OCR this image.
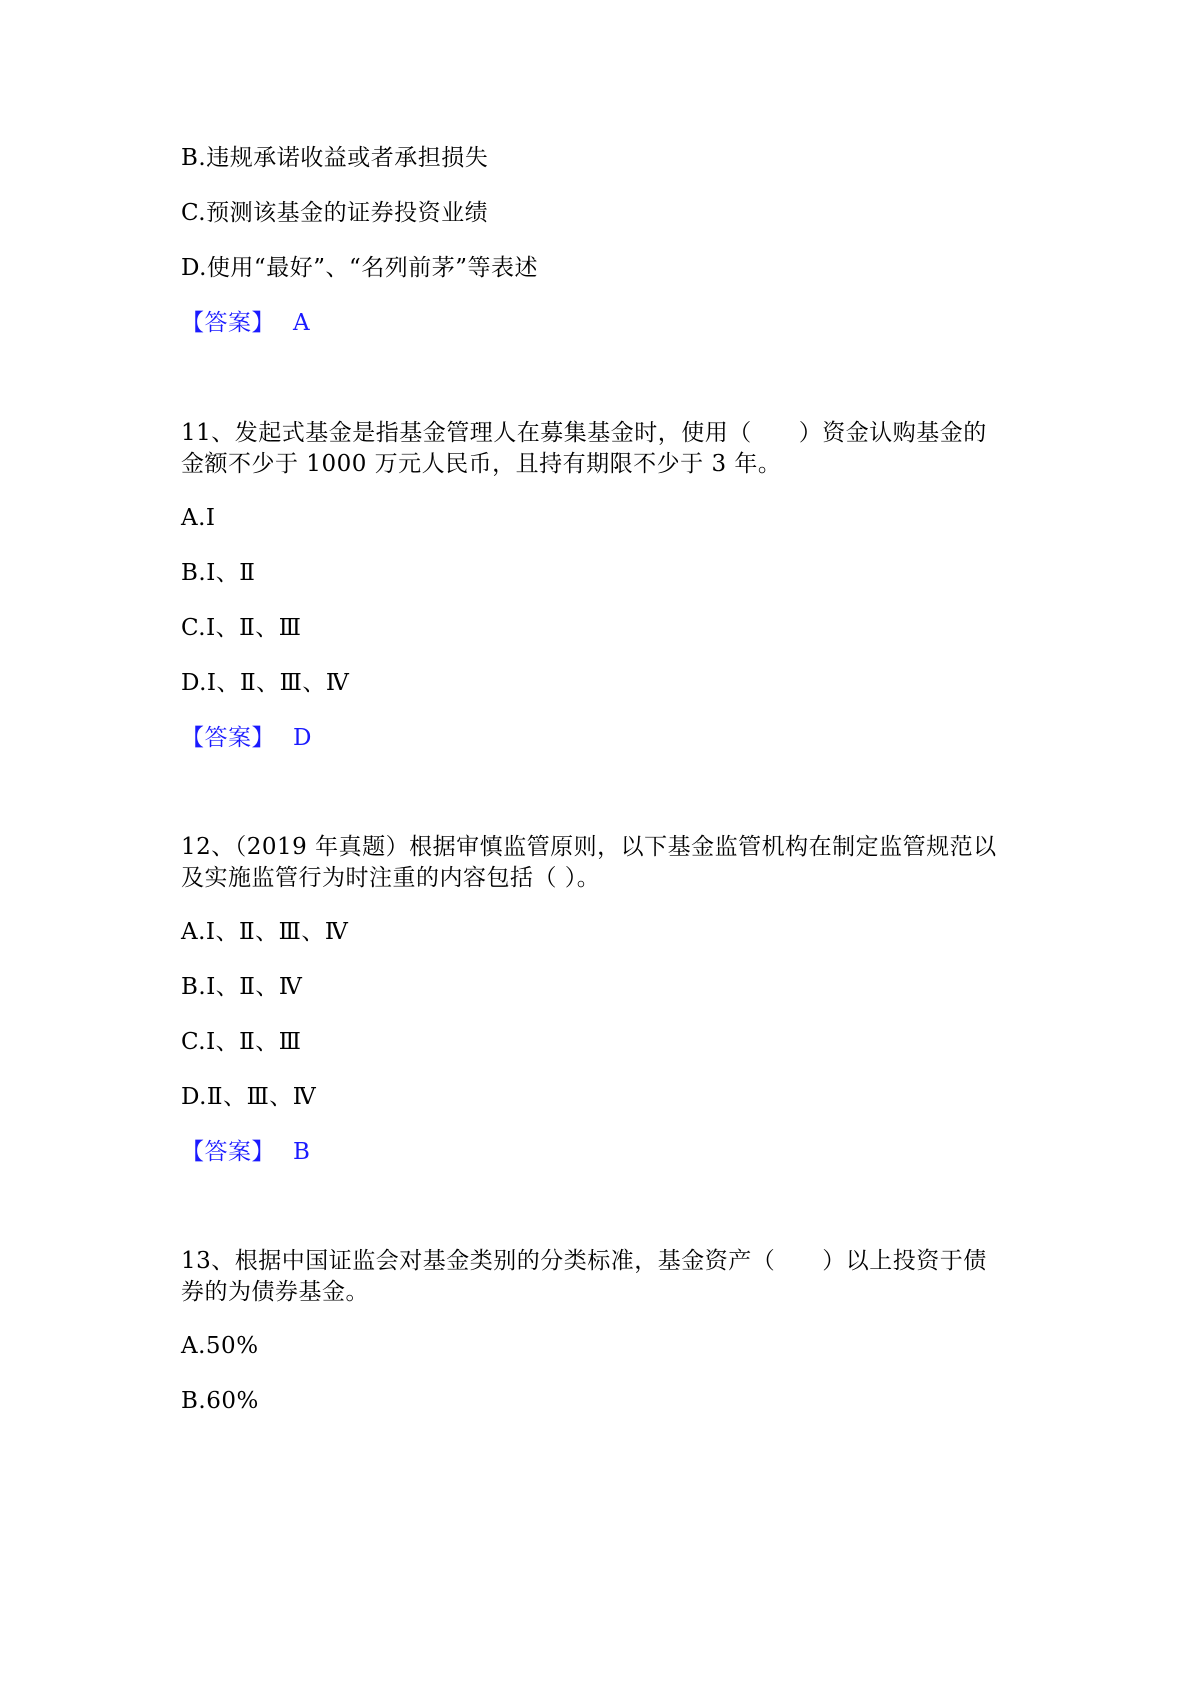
B.违规承诺收益或者承担损失
C.预测该基金的证券投资业绩
D.使用“最好”、“名列前茅”等表述
【答案】 A
11、发起式基金是指基金管理人在募集基金时，使用（　　）资金认购基金的
金额不少于 1000 万元人民币，且持有期限不少于 3 年。
A.Ⅰ
B.Ⅰ、Ⅱ
C.Ⅰ、Ⅱ、Ⅲ
D.Ⅰ、Ⅱ、Ⅲ、Ⅳ
【答案】 D
12、（2019 年真题）根据审慎监管原则，以下基金监管机构在制定监管规范以
及实施监管行为时注重的内容包括（ ）。
A.Ⅰ、Ⅱ、Ⅲ、Ⅳ
B.Ⅰ、Ⅱ、Ⅳ
C.Ⅰ、Ⅱ、Ⅲ
D.Ⅱ、Ⅲ、Ⅳ
【答案】 B
13、根据中国证监会对基金类别的分类标准，基金资产（　　）以上投资于债
券的为债券基金。
A.50%
B.60%
